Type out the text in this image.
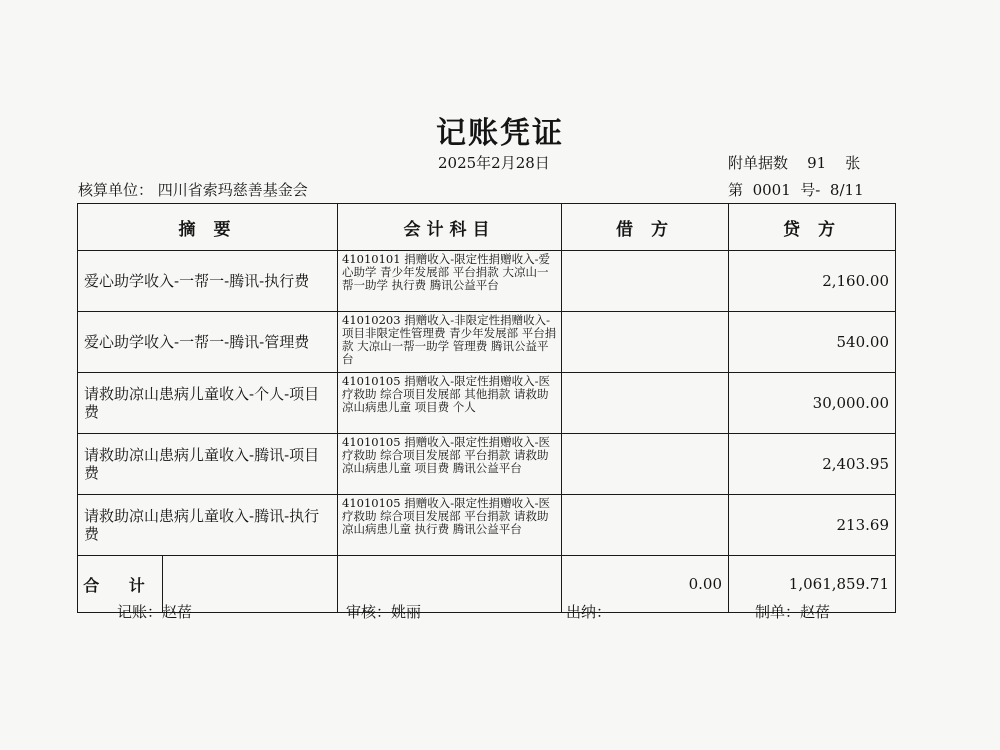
记账凭证
2025年2月28日	附单据数 91 张
核算单位： 四川省索玛慈善基金会	第 0001 号- 8/11
摘 要	会计科目	借 方	贷 方
爱心助学收入-一帮一-腾讯-执行费	41010101 捐赠收入-限定性捐赠收入-爱心助学 青少年发展部 平台捐款 大凉山一帮一助学 执行费 腾讯公益平台		2,160.00
爱心助学收入-一帮一-腾讯-管理费	41010203 捐赠收入-非限定性捐赠收入-项目非限定性管理费 青少年发展部 平台捐款 大凉山一帮一助学 管理费 腾讯公益平台		540.00
请救助凉山患病儿童收入-个人-项目费	41010105 捐赠收入-限定性捐赠收入-医疗救助 综合项目发展部 其他捐款 请救助凉山病患儿童 项目费 个人		30,000.00
请救助凉山患病儿童收入-腾讯-项目费	41010105 捐赠收入-限定性捐赠收入-医疗救助 综合项目发展部 平台捐款 请救助凉山病患儿童 项目费 腾讯公益平台		2,403.95
请救助凉山患病儿童收入-腾讯-执行费	41010105 捐赠收入-限定性捐赠收入-医疗救助 综合项目发展部 平台捐款 请救助凉山病患儿童 执行费 腾讯公益平台		213.69

合 计		0.00	1,061,859.71
记账：赵蓓	审核：姚丽	出纳：	制单：赵蓓
